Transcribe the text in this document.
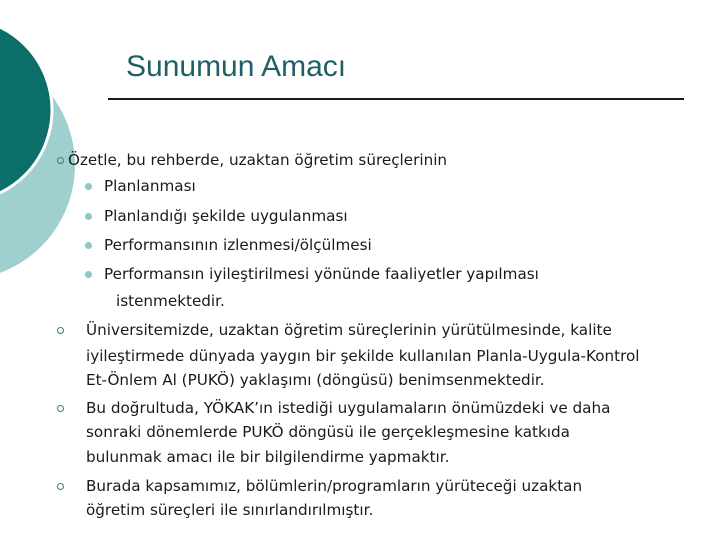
Sunumun Amacı
Özetle, bu rehberde, uzaktan öğretim süreçlerinin
Planlanması
Planlandığı şekilde uygulanması
Performansının izlenmesi/ölçülmesi
Performansın iyileştirilmesi yönünde faaliyetler yapılması
istenmektedir.
Üniversitemizde, uzaktan öğretim süreçlerinin yürütülmesinde, kalite
iyileştirmede dünyada yaygın bir şekilde kullanılan Planla-Uygula-Kontrol
Et-Önlem Al (PUKÖ) yaklaşımı (döngüsü) benimsenmektedir.
Bu doğrultuda, YÖKAK’ın istediği uygulamaların önümüzdeki ve daha
sonraki dönemlerde PUKÖ döngüsü ile gerçekleşmesine katkıda
bulunmak amacı ile bir bilgilendirme yapmaktır.
Burada kapsamımız, bölümlerin/programların yürüteceği uzaktan
öğretim süreçleri ile sınırlandırılmıştır.
